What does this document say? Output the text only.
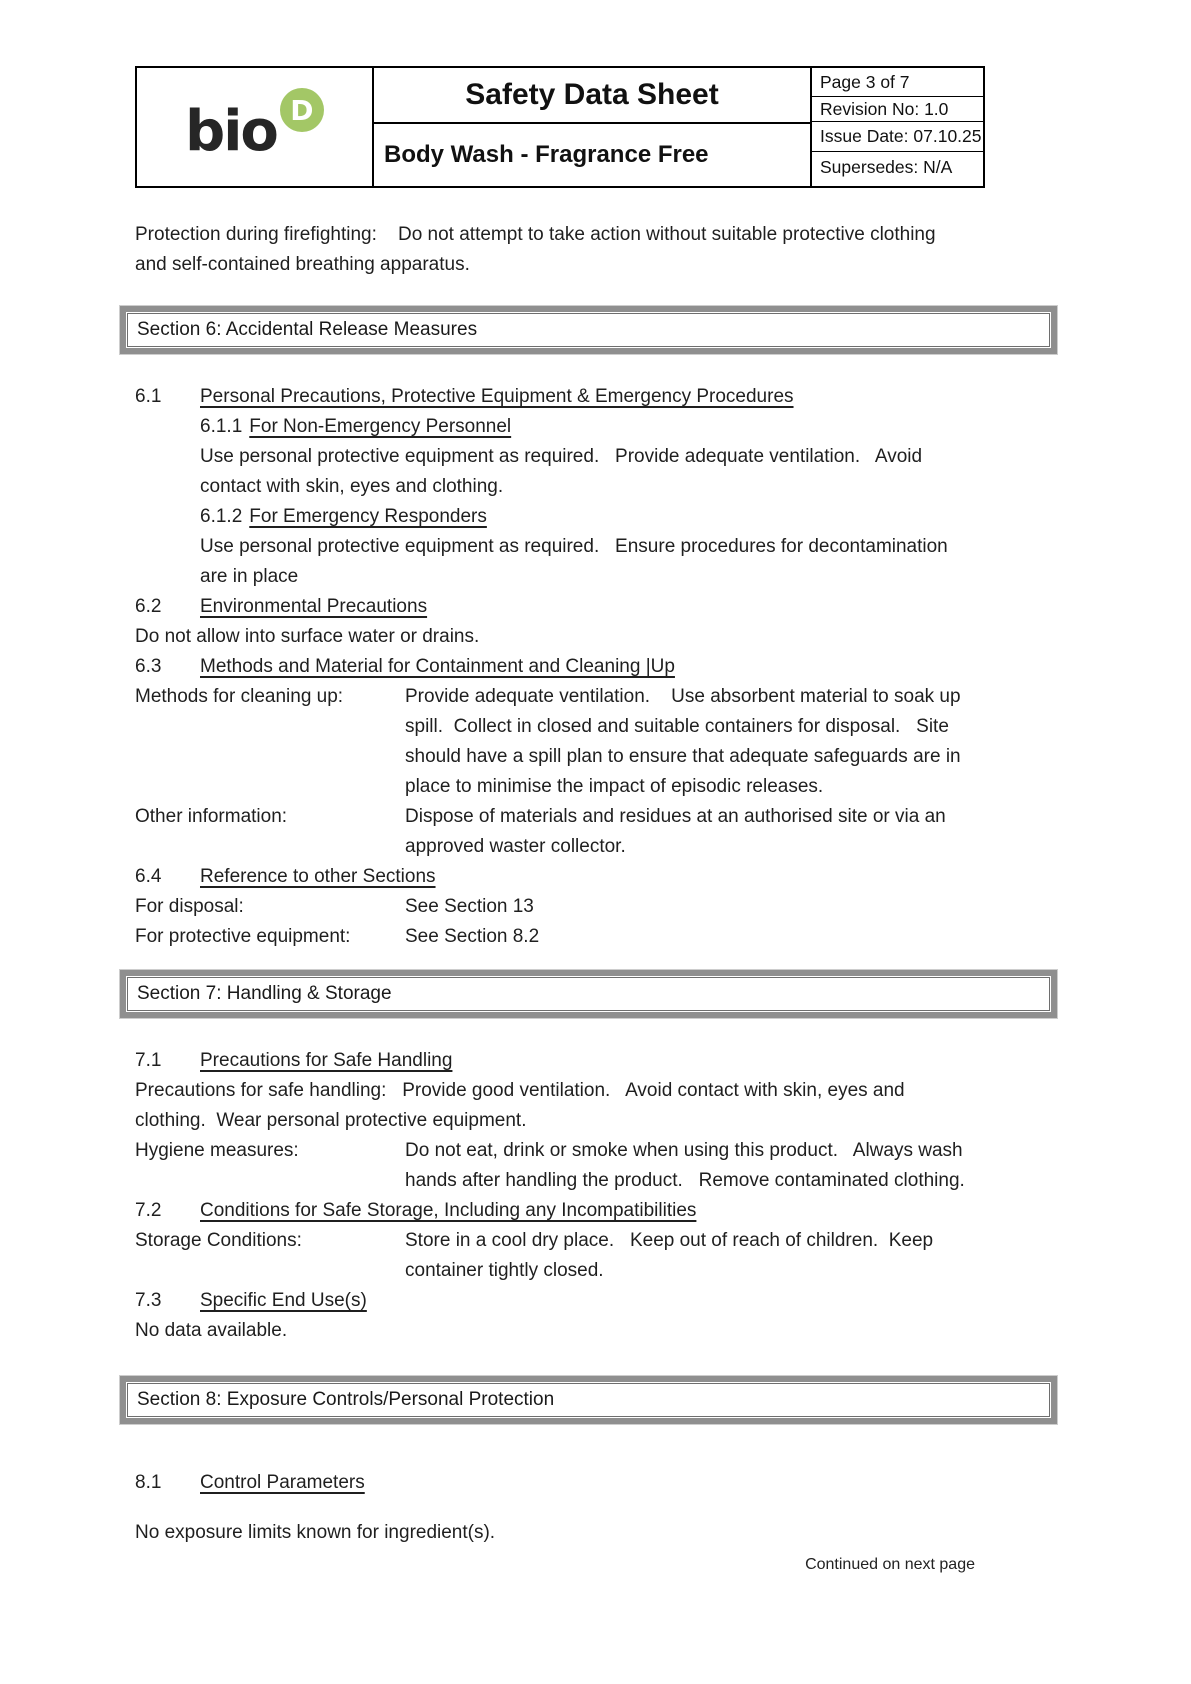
bio D	Safety Data Sheet
Body Wash - Fragrance Free
Page 3 of 7
Revision No: 1.0
Issue Date: 07.10.25
Supersedes: N/A
Protection during firefighting:    Do not attempt to take action without suitable protective clothing
and self-contained breathing apparatus.
Section 6: Accidental Release Measures
6.1 Personal Precautions, Protective Equipment & Emergency Procedures
6.1.1 For Non-Emergency Personnel
Use personal protective equipment as required.   Provide adequate ventilation.   Avoid
contact with skin, eyes and clothing.
6.1.2 For Emergency Responders
Use personal protective equipment as required.   Ensure procedures for decontamination
are in place
6.2 Environmental Precautions
Do not allow into surface water or drains.
6.3 Methods and Material for Containment and Cleaning |Up
Methods for cleaning up:	Provide adequate ventilation.    Use absorbent material to soak up
spill.  Collect in closed and suitable containers for disposal.   Site
should have a spill plan to ensure that adequate safeguards are in
place to minimise the impact of episodic releases.
Other information:	Dispose of materials and residues at an authorised site or via an
approved waster collector.
6.4 Reference to other Sections
For disposal:	See Section 13
For protective equipment:	See Section 8.2
Section 7: Handling & Storage
7.1 Precautions for Safe Handling
Precautions for safe handling:   Provide good ventilation.   Avoid contact with skin, eyes and
clothing.  Wear personal protective equipment.
Hygiene measures:	Do not eat, drink or smoke when using this product.   Always wash
hands after handling the product.   Remove contaminated clothing.
7.2 Conditions for Safe Storage, Including any Incompatibilities
Storage Conditions:	Store in a cool dry place.   Keep out of reach of children.  Keep
container tightly closed.
7.3 Specific End Use(s)
No data available.
Section 8: Exposure Controls/Personal Protection
8.1 Control Parameters
No exposure limits known for ingredient(s).
Continued on next page
